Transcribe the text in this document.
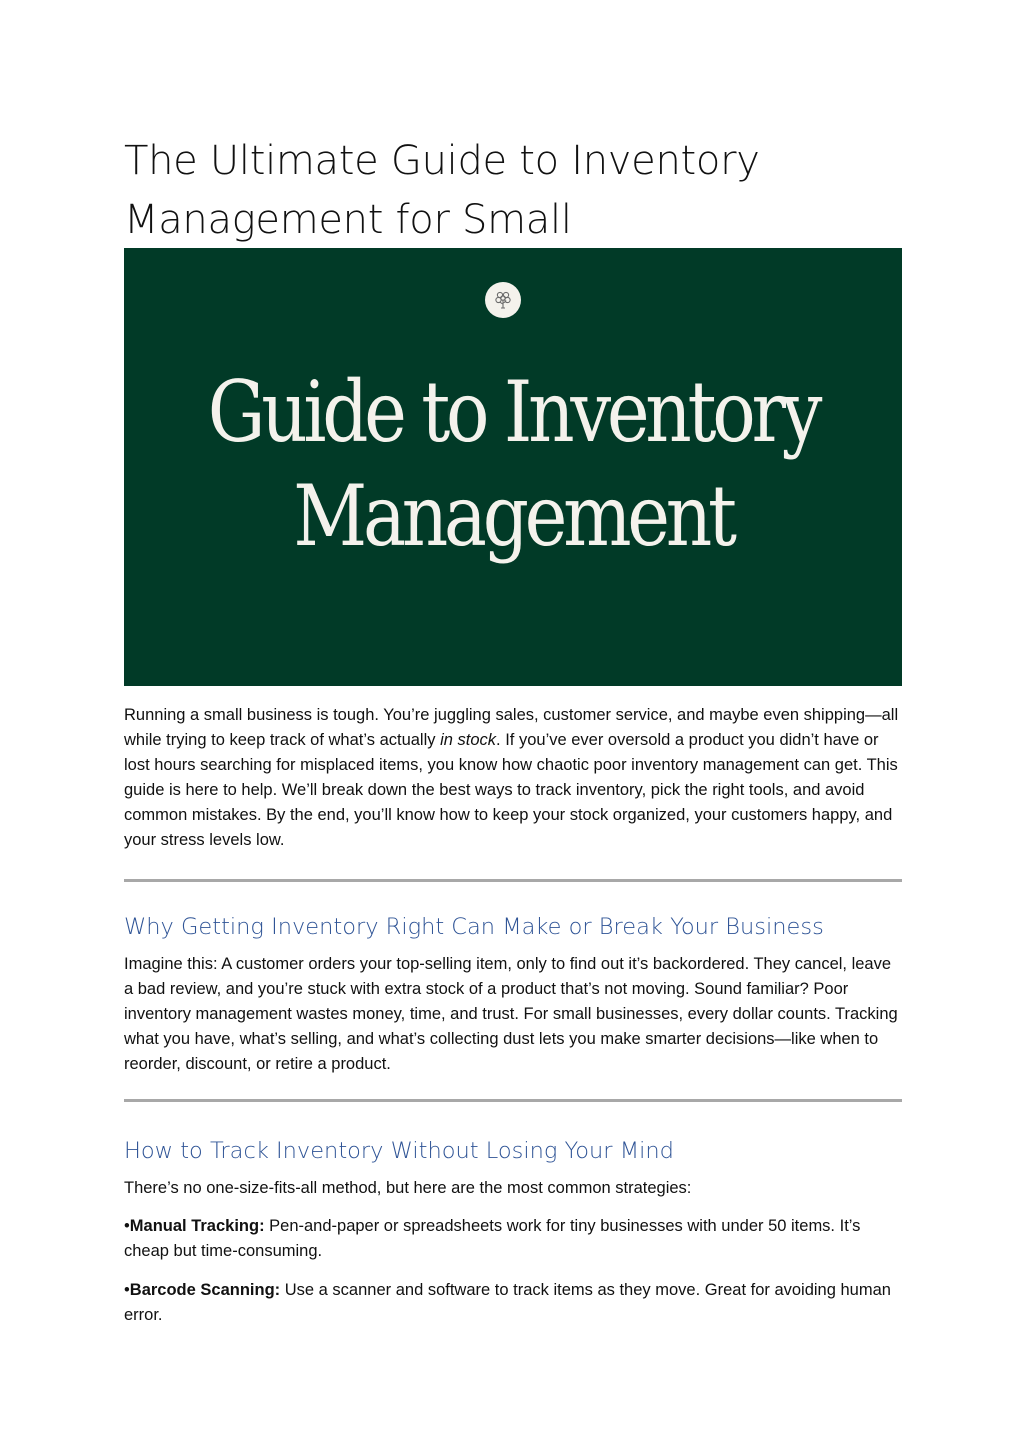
The Ultimate Guide to Inventory Management for Small
Guide to Inventory
Management

Running a small business is tough. You’re juggling sales, customer service, and maybe even shipping—all while trying to keep track of what’s actually in stock. If you’ve ever oversold a product you didn’t have or lost hours searching for misplaced items, you know how chaotic poor inventory management can get. This guide is here to help. We’ll break down the best ways to track inventory, pick the right tools, and avoid common mistakes. By the end, you’ll know how to keep your stock organized, your customers happy, and your stress levels low.

Why Getting Inventory Right Can Make or Break Your Business

Imagine this: A customer orders your top-selling item, only to find out it’s backordered. They cancel, leave a bad review, and you’re stuck with extra stock of a product that’s not moving. Sound familiar? Poor inventory management wastes money, time, and trust. For small businesses, every dollar counts. Tracking what you have, what’s selling, and what’s collecting dust lets you make smarter decisions—like when to reorder, discount, or retire a product.

How to Track Inventory Without Losing Your Mind

There’s no one-size-fits-all method, but here are the most common strategies:

•Manual Tracking: Pen-and-paper or spreadsheets work for tiny businesses with under 50 items. It’s cheap but time-consuming.

•Barcode Scanning: Use a scanner and software to track items as they move. Great for avoiding human error.
